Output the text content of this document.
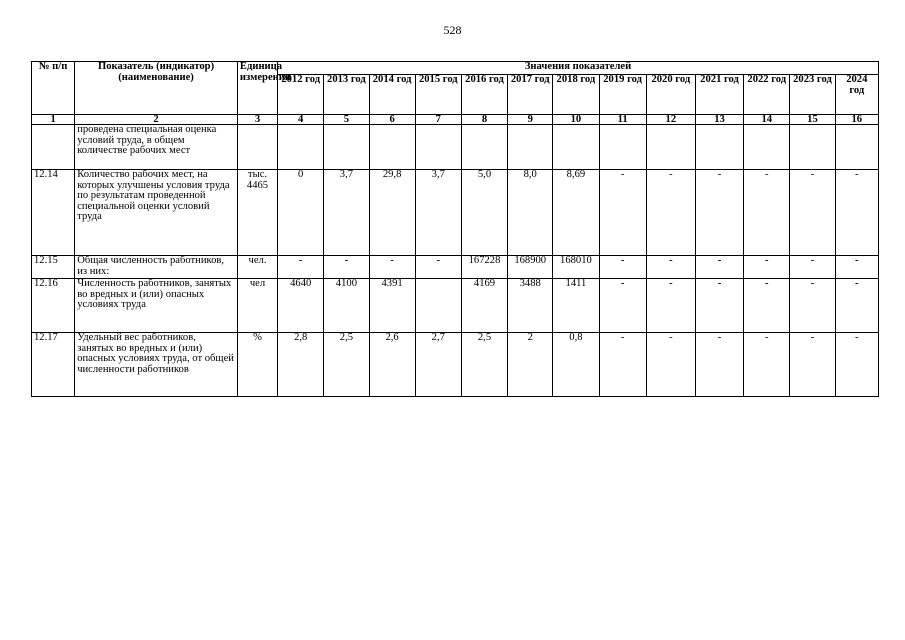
528
№ п/п	Показатель (индикатор) (наименование)	Единица измерения	Значения показателей												
			2012 год	2013 год	2014 год	2015 год	2016 год	2017 год	2018 год	2019 год	2020 год	2021 год	2022 год	2023 год	2024 год
1	2	3	4	5	6	7	8	9	10	11	12	13	14	15	16
	проведена специальная оценка условий труда, в общем количестве рабочих мест														
12.14	Количество рабочих мест, на которых улучшены условия труда по результатам проведенной специальной оценки условий труда	тыс. 4465	0	3,7	29,8	3,7	5,0	8,0	8,69	-	-	-	-	-	-
12.15	Общая численность работников, из них:	чел.	-	-	-	-	167228	168900	168010	-	-	-	-	-	-
12.16	Численность работников, занятых во вредных и (или) опасных условиях труда	чел	4640	4100	4391		4169	3488	1411	-	-	-	-	-	-
12.17	Удельный вес работников, занятых во вредных и (или) опасных условиях труда, от общей численности работников	%	2,8	2,5	2,6	2,7	2,5	2	0,8	-	-	-	-	-	-
